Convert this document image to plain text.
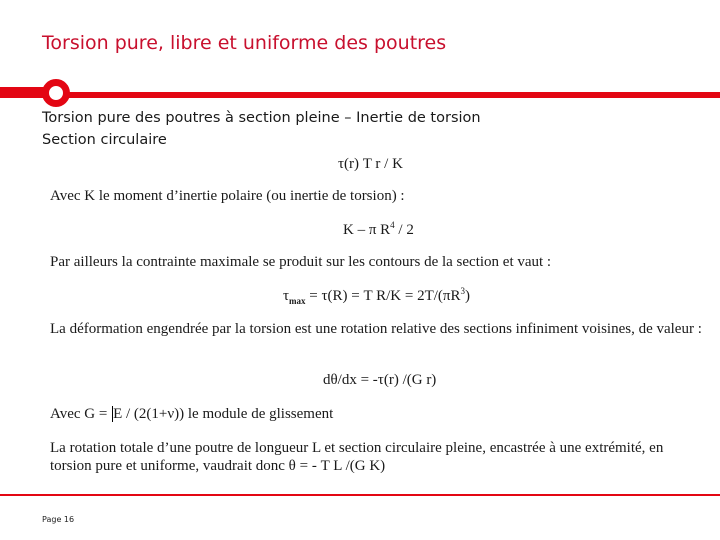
Torsion pure, libre et uniforme des poutres
Torsion pure des poutres à section pleine – Inertie de torsion
Section circulaire
τ(r) T r / K
Avec K le moment d’inertie polaire (ou inertie de torsion) :
K – π $R^4 / 2$
Par ailleurs la contrainte maximale se produit sur les contours de la section et vaut :
$\tau_{max} = \tau(R) = T$ $R/K = 2T/(\pi R^3)$
La déformation engendrée par la torsion est une rotation relative des sections infiniment voisines, de valeur :
dθ/dx = -τ(r) /(G r)
Avec G = E / (2(1+ν)) le module de glissement
La rotation totale d’une poutre de longueur L et section circulaire pleine, encastrée à une extrémité, en torsion pure et uniforme, vaudrait donc θ = - T L /(G K)
Page 16
